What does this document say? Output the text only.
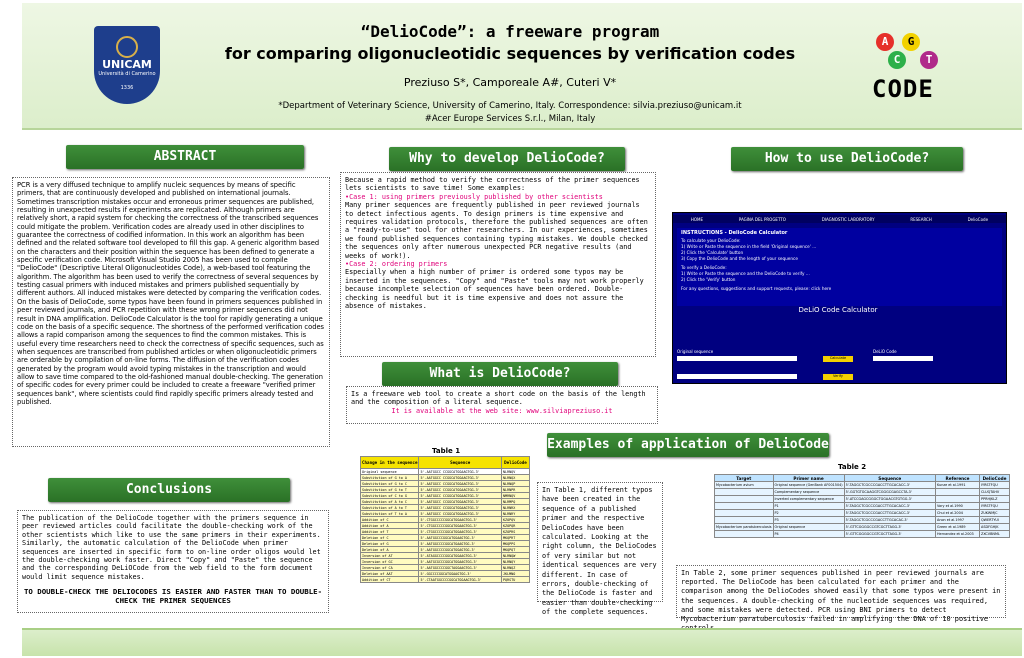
UNICAM
Università di Camerino
1336
“DelioCode”: a freeware program
for comparing oligonucleotidic sequences by verification codes
Preziuso S*, Camporeale A#, Cuteri V*
*Department of Veterinary Science, University of Camerino, Italy. Correspondence: silvia.preziuso@unicam.it
#Acer Europe Services S.r.l., Milan, Italy
A	G
C	T
CODE
ABSTRACT
PCR is a very diffused technique to amplify nucleic sequences by means of specific primers, that are continuously developed and published on international journals. Sometimes transcription mistakes occur and erroneous primer sequences are published, resulting in unexpected results if experiments are replicated. Although primers are relatively short, a rapid system for checking the correctness of the transcribed sequences could mitigate the problem. Verification codes are already used in other disciplines to guarantee the correctness of codified information. In this work an algorithm has been defined and the related software tool developed to fill this gap. A generic algorithm based on the characters and their position within the sequence has been defined to generate a specific verification code. Microsoft Visual Studio 2005 has been used to compile "DelioCode" (Descriptive Literal Oligonucleotides Code), a web-based tool featuring the algorithm. The algorithm has been used to verify the correctness of several sequences by testing casual primers with induced mistakes and primers published sequentially by different authors. All induced mistakes were detected by comparing the verification codes. On the basis of DelioCode, some typos have been found in primers sequences published in peer reviewed journals, and PCR repetition with these wrong primer sequences did not result in DNA amplification. DelioCode Calculator is the tool for rapidly generating a unique code on the basis of a specific sequence. The shortness of the performed verification codes allows a rapid comparison among the sequences to find the common mistakes. This is useful every time researchers need to check the correctness of specific sequences, such as when sequences are transcribed from published articles or when oligonucleotidic primers are orderable by compilation of on-line forms. The diffusion of the verification codes generated by the program would avoid typing mistakes in the transcription and would allow to save time compared to the old-fashioned manual double-checking. The generation of specific codes for every primer could be included to create a freeware "verified primer sequences bank", where scientists could find rapidly specific primers already tested and published.
Conclusions
The publication of the DelioCode together with the primers sequence in peer reviewed articles could facilitate the double-checking work of the other scientists which like to use the same primers in their experiments. Similarly, the automatic calculation of the DelioCode when primer sequences are inserted in specific form to on-line order oligos would let the double-checking work faster. Direct "Copy" and "Paste" the sequence and the corresponding DeLiOCode from the web field to the form document would limit sequence mistakes.
TO DOUBLE-CHECK THE DELIOCODES IS EASIER AND FASTER THAN TO DOUBLE-CHECK THE PRIMER SEQUENCES
Why to develop DelioCode?
Because a rapid method to verify the correctness of the primer sequences lets scientists to save time! Some examples:
•Case 1: using primers previously published by other scientists
Many primer sequences are frequently published in peer reviewed journals to detect infectious agents. To design primers is time expensive and requires validation protocols, therefore the published sequences are often a "ready-to-use" tool for other researchers. In our experiences, sometimes we found published sequences containing typing mistakes. We double checked the sequences only after numerous unexpected PCR negative results (and weeks of work!).
•Case 2: ordering primers
Especially when a high number of primer is ordered some typos may be inserted in the sequences. "Copy" and "Paste" tools may not work properly because incomplete selection of sequences have been ordered. Double-checking is needful but it is time expensive and does not assure the absence of mistakes.
What is DelioCode?
Is a freeware web tool to create a short code on the basis of the length and the composition of a literal sequence.
It is available at the web site: www.silviapreziuso.it
How to use DelioCode?
HOME	PAGINA DEL PROGETTO	DIAGNOSTIC LABORATORY	RESEARCH	DelioCode
INSTRUCTIONS - DelioCode Calculator
To calculate your DelioCode:
1) Write or Paste the sequence in the field 'Original sequence' ...
2) Click the 'Calculate' button
3) Copy the DelioCode and the length of your sequence
To verify a DelioCode:
1) Write or Paste the sequence and the DelioCode to verify ...
2) Click the 'Verify' button
For any questions, suggestions and support requests, please: click here
DeLiO Code Calculator
Original sequence	DeLiO Code
Calculate
Verify
Examples of application of DelioCode
Table 1
Change in the sequence	Sequence	DelioCode
Original sequence	5'-AATGGCC CCGGCATGGAAGTGG-3'	NLRNQV
Substitution of G to A	5'-AATGGCC CCGGCATGGAAGTGG-3'	NLRNQX
Substitution of G to C	5'-AATGGCC CCGGCATGGAAGTGG-3'	NLRNQP
Substitution of G to T	5'-AATGGCC CCGGCATGGAAGTGG-3'	NLRNPR
Substitution of C to G	5'-AATGGCC CCGGCATGGAAGTGG-3'	NMRNQV
Substitution of A to C	5'-AATGGCC CCGGCATGGAAGTGG-3'	NLRMPQ
Substitution of A to T	5'-AATGGCC CCGGCATGGAAGTGG-3'	NLRNRX
Substitution of T to A	5'-AATGGCC CCGGCATGGAAGTGG-3'	NLRNRY
Addition of C	5'-CTGGCCCCCGGCATGGAAGTGG-3'	KZOPQV
Addition of A	5'-CTGGCCCCCGGCATGGAAGTGG-3'	KZOPQR
Addition of T	5'-CTGGCCCCCGGCATGGAAGTGG-3'	KZOPRS
Deletion of C	5'-AATGGCCCGGCATGGAAGTGG-3'	MKQPRT
Deletion of G	5'-AATGGCCCCGGCATGAAGTGG-3'	MKQPPS
Deletion of A	5'-AATGGCCCCGGCATGGAGTGG-3'	MKQPQT
Inversion of AT	5'-ATAGGCCCCGGCATGGAAGTGG-3'	NLRNQW
Inversion of GC	5'-AATGCGCCCGGCATGGAAGTGG-3'	NLRNQY
Inversion of CA	5'-AATGGCCCCGGCTAGGAAGTGG-3'	NLRNQZ
Deletion of AAT	5'-GGCCCCGGCATGGAAGTGG-3'	JKLMNO
Addition of CT	5'-CTAATGGCCCCGGCATGGAAGTGG-3'	PQRSTU
In Table 1, different typos have been created in the sequence of a published primer and the respective DelioCodes have been calculated. Looking at the right column, the DelioCodes of very similar but not identical sequences are very different. In case of errors, double-checking of the DelioCode is faster and easier than double-checking of the complete sequences.
Table 2
Target	Primer name	Sequence	Reference	DelioCode
Mycobacterium avium	Original sequence (GenBank AF001504)	5'-TAGGCTCGCCCGACCTTGCACACC-3'	Kunze et al.1991	IYRSTFQU
	Complementary sequence	5'-GGTGTGCAAGGTCGGGCGAGCCTA-3'		CLUQTAHV
	Inverted complementary sequence	5'-ATCCGAGCGGGCTGGAACGTGTGG-3'		PPRHJKLZ
	P1	5'-TAGGCTCGCCCGACCTTGCACACC-3'	Vary et al.1990	IYRSTFQU
	P2	5'-TAGGCTCGCCCGACCTTGCACACC-3'	Chui et al.2004	ZUKWMJC
	P3	5'-TAGGCTCGCCCGACCTTGCACAC-3'	Anon et al.1997	QWERTYUI
Mycobacterium paratuberculosis	Original sequence	5'-GTTCGGGGCCGTCGCTTAGG-3'	Green et al.1989	ASDFGHJK
	P4	5'-GTTCGGGGCCGTCGCTTAGG-3'	Hernandez et al.2003	ZXCVBNML
In Table 2, some primer sequences published in peer reviewed journals are reported. The DelioCode has been calculated for each primer and the comparison among the DelioCodes showed easily that some typos were present in the sequences. A double-checking of the nucleotide sequences was required, and some mistakes were detected. PCR using BNI primers to detect Mycobacterium paratuberculosis failed in amplifying the DNA of 10 positive
